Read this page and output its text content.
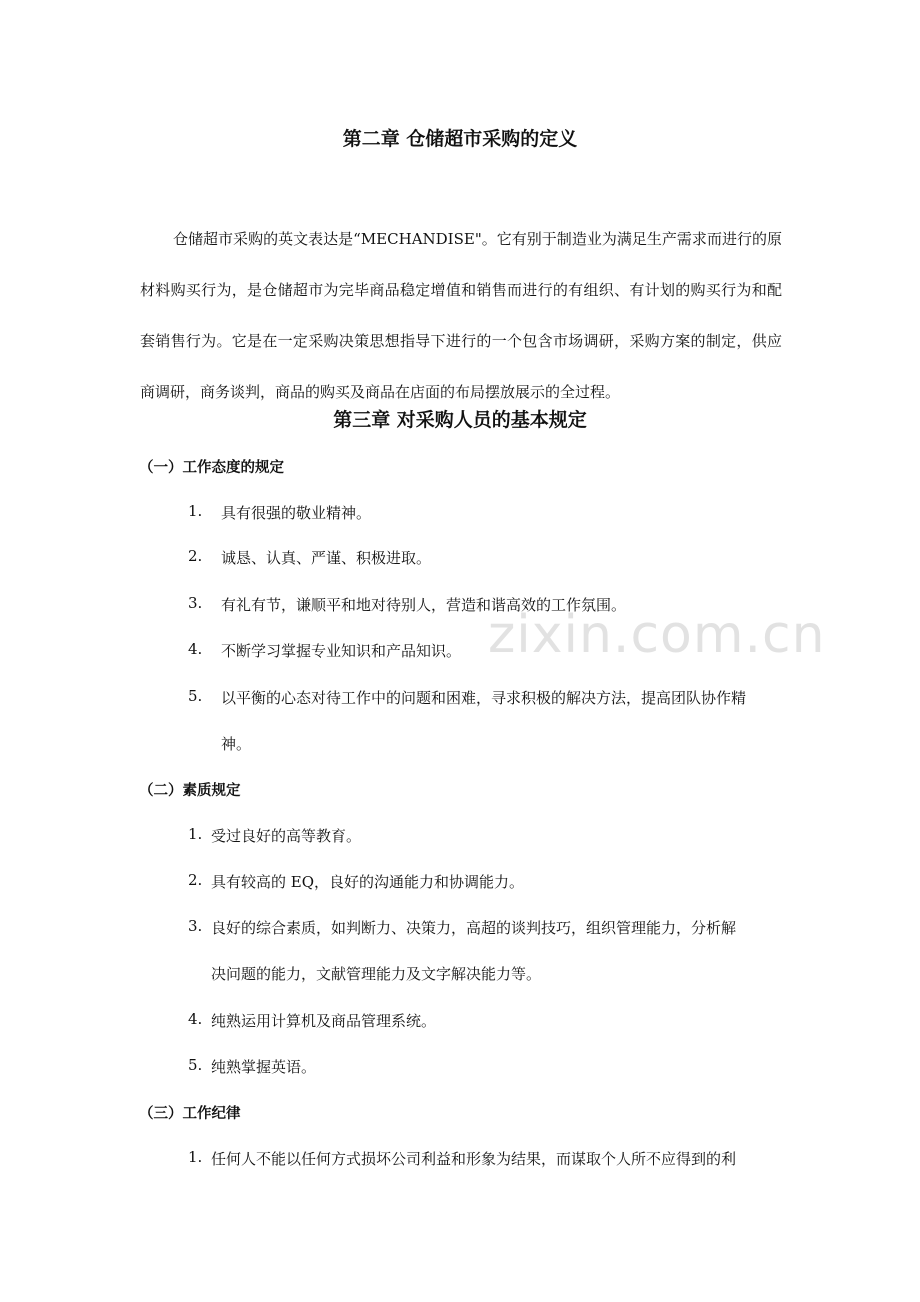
第二章 仓储超市采购的定义
仓储超市采购的英文表达是“MECHANDISE"。它有别于制造业为满足生产需求而进行的原材料购买行为，是仓储超市为完毕商品稳定增值和销售而进行的有组织、有计划的购买行为和配套销售行为。它是在一定采购决策思想指导下进行的一个包含市场调研，采购方案的制定，供应商调研，商务谈判，商品的购买及商品在店面的布局摆放展示的全过程。
第三章 对采购人员的基本规定
（一）工作态度的规定
1. 具有很强的敬业精神。
2. 诚恳、认真、严谨、积极进取。
3. 有礼有节，谦顺平和地对待别人，营造和谐高效的工作氛围。
4. 不断学习掌握专业知识和产品知识。
5. 以平衡的心态对待工作中的问题和困难，寻求积极的解决方法，提高团队协作精
神。
（二）素质规定
1. 受过良好的高等教育。
2. 具有较高的 EQ，良好的沟通能力和协调能力。
3. 良好的综合素质，如判断力、决策力，高超的谈判技巧，组织管理能力，分析解
决问题的能力，文献管理能力及文字解决能力等。
4. 纯熟运用计算机及商品管理系统。
5. 纯熟掌握英语。
（三）工作纪律
1. 任何人不能以任何方式损坏公司利益和形象为结果，而谋取个人所不应得到的利
zixin.com.cn
